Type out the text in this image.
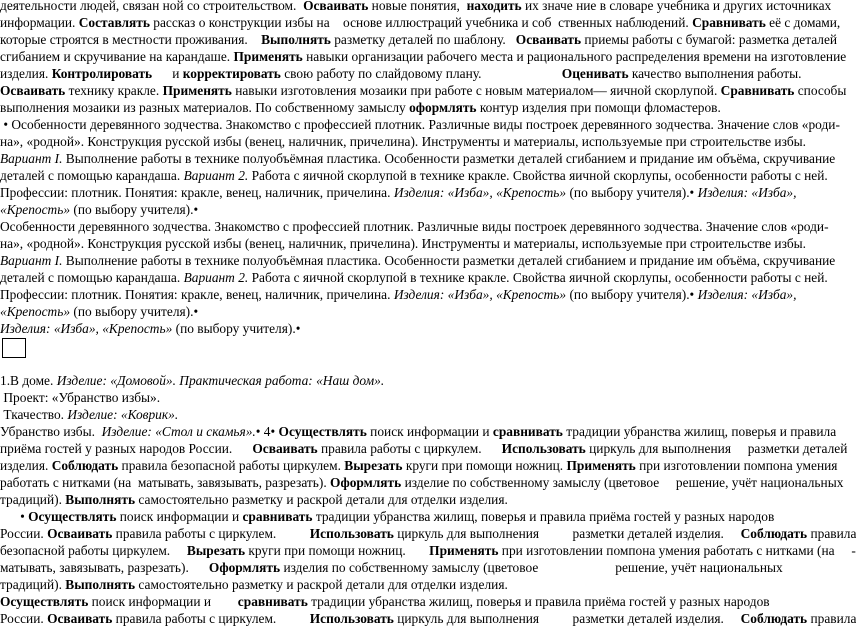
деятельности людей, связан ной со строительством.  Осваивать новые понятия,  находить их значе ние в словаре учебника и других источниках

информации. Составлять рассказ о конструкции избы на    основе иллюстраций учебника и соб  ственных наблюдений. Сравнивать её с домами,

которые строятся в местности проживания.    Выполнять разметку деталей по шаблону.   Осваивать приемы работы с бумагой: разметка деталей

сгибанием и скручивание на карандаше. Применять навыки организации рабочего места и рационального распределения времени на изготовление

изделия. Контролировать      и корректировать свою работу по слайдовому плану.                        Оценивать качество выполнения работы.

Осваивать технику кракле. Применять навыки изготовления мозаики при работе с новым материалом— яичной скорлупой. Сравнивать способы

выполнения мозаики из разных материалов. По собственному замыслу оформлять контур изделия при помощи фломастеров.

• Особенности деревянного зодчества. Знакомство с профессией плотник. Различные виды построек деревянного зодчества. Значение слов «роди-

на», «родной». Конструкция русской избы (венец, наличник, причелина). Инструменты и материалы, используемые при строительстве избы.

Вариант I. Выполнение работы в технике полуобъёмная пластика. Особенности разметки деталей сгибанием и придание им объёма, скручивание

деталей с помощью карандаша. Вариант 2. Работа с яичной скорлупой в технике кракле. Свойства яичной скорлупы, особенности работы с ней.

Профессии: плотник. Понятия: кракле, венец, наличник, причелина. Изделия: «Изба», «Крепость» (по выбору учителя).• Изделия: «Изба»,

«Крепость» (по выбору учителя).•

Особенности деревянного зодчества. Знакомство с профессией плотник. Различные виды построек деревянного зодчества. Значение слов «роди-

на», «родной». Конструкция русской избы (венец, наличник, причелина). Инструменты и материалы, используемые при строительстве избы.

Вариант I. Выполнение работы в технике полуобъёмная пластика. Особенности разметки деталей сгибанием и придание им объёма, скручивание

деталей с помощью карандаша. Вариант 2. Работа с яичной скорлупой в технике кракле. Свойства яичной скорлупы, особенности работы с ней.

Профессии: плотник. Понятия: кракле, венец, наличник, причелина. Изделия: «Изба», «Крепость» (по выбору учителя).• Изделия: «Изба»,

«Крепость» (по выбору учителя).•

Изделия: «Изба», «Крепость» (по выбору учителя).•

1.В доме. Изделие: «Домовой». Практическая работа: «Наш дом».

Проект: «Убранство избы».

Ткачество. Изделие: «Коврик».

Убранство избы.  Изделие: «Стол и скамья».• 4• Осуществлять поиск информации и сравнивать традиции убранства жилищ, поверья и правила

приёма гостей у разных народов России.      Осваивать правила работы с циркулем.      Использовать циркуль для выполнения     разметки деталей

изделия. Соблюдать правила безопасной работы циркулем. Вырезать круги при помощи ножниц. Применять при изготовлении помпона умения

работать с нитками (на  матывать, завязывать, разрезать). Оформлять изделие по собственному замыслу (цветовое     решение, учёт национальных

традиций). Выполнять самостоятельно разметку и раскрой детали для отделки изделия.

• Осуществлять поиск информации и сравнивать традиции убранства жилищ, поверья и правила приёма гостей у разных народов

России. Осваивать правила работы с циркулем.          Использовать циркуль для выполнения          разметки деталей изделия.     Соблюдать правила

безопасной работы циркулем.     Вырезать круги при помощи ножниц.       Применять при изготовлении помпона умения работать с нитками (на     -

матывать, завязывать, разрезать).      Оформлять изделия по собственному замыслу (цветовое                       решение, учёт национальных

традиций). Выполнять самостоятельно разметку и раскрой детали для отделки изделия.

Осуществлять поиск информации и        сравнивать традиции убранства жилищ, поверья и правила приёма гостей у разных народов

России. Осваивать правила работы с циркулем.          Использовать циркуль для выполнения          разметки деталей изделия.     Соблюдать правила
